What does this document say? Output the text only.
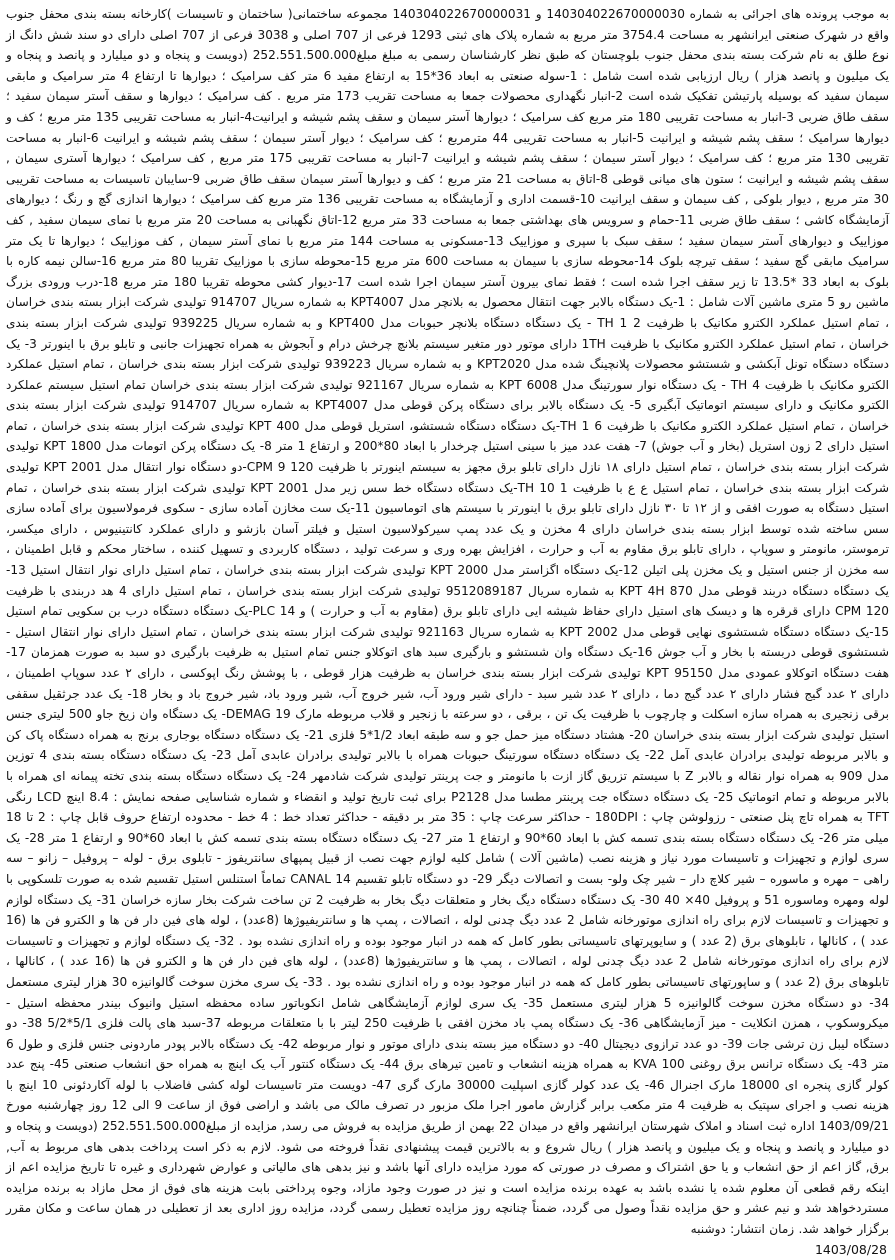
به موجب پرونده های اجرائی به شماره 140304022670000030 و 140304022670000031 مجموعه ساختمانی( ساختمان و تاسیسات )کارخانه بسته بندی محفل جنوب واقع در شهرک صنعتی ایرانشهر به مساحت 3754.4 متر مربع به شماره پلاک های ثبتی 1293 فرعی از 707 اصلی و 3038 فرعی از 707 اصلی دارای دو سند شش دانگ از نوع طلق به نام شرکت بسته بندی محفل جنوب بلوچستان که طبق نظر کارشناسان رسمی به مبلغ مبلغ252.551.500.000 (دویست و پنجاه و دو میلیارد و پانصد و پنجاه و یک میلیون و پانصد هزار ) ریال ارزیابی شده است شامل : 1-سوله صنعتی به ابعاد 36*15 به ارتفاع مفید 6 متر کف سرامیک ؛ دیوارها تا ارتفاع 4 متر سرامیک و مابقی سیمان سفید که بوسیله پارتیشن تفکیک شده است 2-انبار نگهداری محصولات جمعا به مساحت تقریب 173 متر مربع . کف سرامیک ؛ دیوارها و سقف آستر سیمان سفید ؛ سقف طاق ضربی 3-انبار به مساحت تقریبی 180 متر مربع کف سرامیک ؛ دیوارها آستر سیمان و سقف پشم شیشه و ایرانیت4-انبار به مساحت تقریبی 135 متر مربع ؛ کف و دیوارها سرامیک ؛ سقف پشم شیشه و ایرانیت 5-انبار به مساحت تقریبی 44 مترمربع ؛ کف سرامیک ؛ دیوار آستر سیمان ؛ سقف پشم شیشه و ایرانیت 6-انبار به مساحت تقریبی 130 متر مربع ؛ کف سرامیک ؛ دیوار آستر سیمان ؛ سقف پشم شیشه و ایرانیت 7-انبار به مساحت تقریبی 175 متر مربع , کف سرامیک ؛ دیوارها آستری سیمان , سقف پشم شیشه و ایرانیت ؛ ستون های میانی قوطی 8-اتاق به مساحت 21 متر مربع ؛ کف و دیوارها آستر سیمان سقف طاق ضربی 9-سایبان تاسیسات به مساحت تقریبی 30 متر مربع , دیوار بلوکی , کف سیمان و سقف ایرانیت 10-قسمت اداری و آزمایشگاه به مساحت تقریبی 136 متر مربع کف سرامیک ؛ دیوارها اندازی گچ و رنگ ؛ دیوارهای آزمایشگاه کاشی ؛ سقف طاق ضربی 11-حمام و سرویس های بهداشتی جمعا به مساحت 33 متر مربع 12-اتاق نگهبانی به مساحت 20 متر مربع با نمای سیمان سفید , کف موزاییک و دیوارهای آستر سیمان سفید ؛ سقف سبک با سپری و موزاییک 13-مسکونی به مساحت 144 متر مربع با نمای آستر سیمان , کف موزاییک ؛ دیوارها تا یک متر سرامیک مابقی گچ سفید ؛ سقف تیرچه بلوک 14-محوطه سازی با سیمان به مساحت 600 متر مربع 15-محوطه سازی با موزاییک تقریبا 80 متر مربع 16-سالن نیمه کاره با بلوک به ابعاد 33 *13.5 تا زیر سقف اجرا شده است ؛ فقط نمای بیرون آستر سیمان اجرا شده است 17-دیوار کشی محوطه تقریبا 180 متر مربع 18-درب ورودی بزرگ ماشین رو 5 متری ماشین آلات شامل : 1-یک دستگاه بالابر جهت انتقال محصول به بلانچر مدل KPT4007 به شماره سریال 914707 تولیدی شرکت ابزار بسته بندی خراسان ، تمام استیل عملکرد الکترو مکانیک با ظرفیت 2 1 TH - یک دستگاه دستگاه بلانچر حبوبات مدل KPT400 و به شماره سریال 939225 تولیدی شرکت ابزار بسته بندی خراسان ، تمام استیل عملکرد الکترو مکانیک با ظرفیت 1TH دارای موتور دور متغیر سیستم بلانچ چرخش درام و آبجوش به همراه تجهیزات جانبی و تابلو برق با اینورتر 3- یک دستگاه دستگاه تونل آبکشی و شستشو محصولات پلانچینگ شده مدل KPT2020 و به شماره سریال 939223 تولیدی شرکت ابزار بسته بندی خراسان ، تمام استیل عملکرد الکترو مکانیک با ظرفیت 4 TH - یک دستگاه نوار سورتینگ مدل KPT 6008 به شماره سریال 921167 تولیدی شرکت ابزار بسته بندی خراسان تمام استیل سیستم عملکرد الکترو مکانیک و دارای سیستم اتوماتیک آبگیری 5- یک دستگاه بالابر برای دستگاه پرکن قوطی مدل KPT4007 به شماره سریال 914707 تولیدی شرکت ابزار بسته بندی خراسان ، تمام استیل عملکرد الکترو مکانیک با ظرفیت 6 1 TH-یک دستگاه دستگاه شستشو، استریل قوطی مدل KPT 400 تولیدی شرکت ابزار بسته بندی خراسان ، تمام استیل دارای 2 زون استریل (بخار و آب جوش) 7- هفت عدد میز با سینی استیل چرخدار با ابعاد 80*200 و ارتفاع 1 متر 8- یک دستگاه پرکن اتومات مدل KPT 1800 تولیدی شرکت ابزار بسته بندی خراسان ، تمام استیل دارای ۱۸ نازل دارای تابلو برق مجهز به سیستم اینورتر با ظرفیت CPM 9 120-دو دستگاه نوار انتقال مدل KPT 2001 تولیدی شرکت ابزار بسته بندی خراسان ، تمام استیل ع ع با ظرفیت TH 10 1-یک دستگاه دستگاه خط سس زیر مدل KPT 2001 تولیدی شرکت ابزار بسته بندی خراسان ، تمام استیل دستگاه به صورت افقی و از ۱۲ تا ۳۰ نازل دارای تابلو برق با اینورتر با سیستم های اتوماسیون 11-یک ست مخازن آماده سازی - سکوی فرمولاسیون برای آماده سازی سس ساخته شده توسط ابزار بسته بندی خراسان دارای 4 مخزن و یک عدد پمپ سیرکولاسیون استیل و فیلتر آسان بازشو و دارای عملکرد کانتینیوس ، دارای میکسر، ترموستر، مانومتر و سوپاپ ، دارای تابلو برق مقاوم به آب و حرارت ، افزایش بهره وری و سرعت تولید ، دستگاه کاربردی و تسهیل کننده ، ساختار محکم و قابل اطمینان ، سه مخزن از جنس استیل و یک مخزن پلی اتیلن 12-یک دستگاه اگزاستر مدل KPT 2000 تولیدی شرکت ابزار بسته بندی خراسان ، تمام استیل دارای نوار انتقال استیل 13-یک دستگاه دستگاه دربند قوطی مدل KPT 4H 870 به شماره سریال 9512089187 تولیدی شرکت ابزار بسته بندی خراسان ، تمام استیل دارای 4 هد دربندی با ظرفیت CPM 120 دارای قرقره ها و دیسک های استیل دارای حفاظ شیشه ایی دارای تابلو برق (مقاوم به آب و حرارت ) و PLC 14-یک دستگاه دستگاه درب بن سکویی تمام استیل 15-یک دستگاه دستگاه شستشوی نهایی قوطی مدل KPT 2002 به شماره سریال 921163 تولیدی شرکت ابزار بسته بندی خراسان ، تمام استیل دارای نوار انتقال استیل - شستشوی قوطی دربسته با بخار و آب جوش 16-یک دستگاه وان شستشو و بارگیری سبد های اتوکلاو جنس تمام استیل به ظرفیت بارگیری دو سبد به صورت همزمان 17- هفت دستگاه اتوکلاو عمودی مدل KPT 95150 تولیدی شرکت ابزار بسته بندی خراسان به ظرفیت هزار قوطی ، با پوشش رنگ اپوکسی ، دارای ۲ عدد سوپاپ اطمینان ، دارای ۲ عدد گیج فشار دارای ۲ عدد گیج دما ، دارای ۲ عدد شیر سبد - دارای شیر ورود آب، شیر خروج آب، شیر ورود باد، شیر خروج باد و بخار 18- یک عدد جرثقیل سقفی برقی زنجیری به همراه سازه اسکلت و چارچوب با ظرفیت یک تن ، برقی ، دو سرعته با زنجیر و قلاب مربوطه مارک DEMAG 19- یک دستگاه وان زیخ جاو 500 لیتری جنس استیل تولیدی شرکت ابزار بسته بندی خراسان 20- هشتاد دستگاه میز حمل جو و سه طبقه ابعاد 1/2*5 فلزی 21- یک دستگاه دستگاه بوجاری برنج به همراه دستگاه پاک کن و بالابر مربوطه تولیدی برادران عابدی آمل 22- یک دستگاه دستگاه سورتینگ حبوبات همراه با بالابر تولیدی برادران عابدی آمل 23- یک دستگاه دستگاه بسته بندی 4 توزین مدل 909 به همراه نوار نقاله و بالابر Z با سیستم تزریق گاز ازت با مانومتر و جت پرینتر تولیدی شرکت شادمهر 24- یک دستگاه دستگاه بسته بندی تخته پیمانه ای همراه با بالابر مربوطه و تمام اتوماتیک 25- یک دستگاه دستگاه جت پرینتر مطسا مدل P2128 برای ثبت تاریخ تولید و انقضاء و شماره شناسایی صفحه نمایش : 8.4 اینچ LCD رنگی TFT به همراه تاچ پنل صنعتی - رزولوشن چاپ : 180DPI - حداکثر سرعت چاپ : 35 متر بر دقیقه - حداکثر تعداد خط : 4 خط - محدوده ارتفاع حروف قابل چاپ : 2 تا 18 میلی متر 26- یک دستگاه دستگاه بسته بندی تسمه کش با ابعاد 60*90 و ارتفاع 1 متر 27- یک دستگاه دستگاه بسته بندی تسمه کش با ابعاد 60*90 و ارتفاع 1 متر 28- یک سری لوازم و تجهیزات و تاسیسات مورد نیاز و هزینه نصب (ماشین آلات ) شامل کلیه لوازم جهت نصب از قبیل پمپهای سانتریفوز - تابلوی برق - لوله – پروفیل – زانو – سه راهی – مهره و ماسوره – شیر کلاچ دار – شیر چک ولو- بست و اتصالات دیگر 29- دو دستگاه تابلو تقسیم CANAL 14 تماماً استنلس استیل تقسیم شده به صورت تلسکوپی با لوله ومهره وماسوره 51 و پروفیل 40× 40 30- یک دستگاه دستگاه دیگ بخار و متعلقات دیگ بخار به ظرفیت 2 تن ساخت شرکت بخار سازه خراسان 31- یک دستگاه لوازم و تجهیزات و تاسیسات لازم برای راه اندازی موتورخانه شامل 2 عدد دیگ چدنی لوله ، اتصالات ، پمپ ها و سانتریفیوژها (8عدد) ، لوله های فین دار فن ها و الکترو فن ها (16 عدد ) ، کانالها ، تابلوهای برق (2 عدد ) و سایوپرتهای تاسیساتی بطور کامل که همه در انبار موجود بوده و راه اندازی نشده بود . 32- یک دستگاه لوازم و تجهیزات و تاسیسات لازم برای راه اندازی موتورخانه شامل 2 عدد دیگ چدنی لوله ، اتصالات ، پمپ ها و سانتریفیوژها (8عدد) ، لوله های فین دار فن ها و الکترو فن ها (16 عدد ) ، کانالها ، تابلوهای برق (2 عدد ) و ساپورتهای تاسیساتی بطور کامل که همه در انبار موجود بوده و راه اندازی نشده بود . 33- یک سری مخزن سوخت گالوانیزه 30 هزار لیتری مستعمل 34- دو دستگاه مخزن سوخت گالوانیزه 5 هزار لیتری مستعمل 35- یک سری لوازم آزمایشگاهی شامل انکوباتور ساده محفظه استیل وانیوک بیندر محفظه استیل - میکروسکوپ ، همزن انکلایت - میز آزمایشگاهی 36- یک دستگاه پمپ باد مخزن افقی با ظرفیت 250 لیتر با با متعلقات مربوطه 37-سبد های پالت فلزی 5/1*5/2 38- دو دستگاه لیبل زن ترشی جات 39- دو عدد ترازوی دیجیتال 40- دو دستگاه میز بسته بندی دارای موتور و نوار مربوطه 42- یک دستگاه بالابر پودر ماردونی جنس فلزی و طول 6 متر 43- یک دستگاه ترانس برق روغنی KVA 100 به همراه هزینه انشعاب و تامین تیرهای برق 44- یک دستگاه کنتور آب یک اینچ به همراه حق انشعاب صنعتی 45- پنج عدد کولر گازی پنجره ای 18000 مارک اجنرال 46- یک عدد کولر گازی اسپلیت 30000 مارک گری 47- دویست متر تاسیسات لوله کشی فاضلاب با لوله آکاردئونی 10 اینچ با هزینه نصب و اجرای سپتیک به ظرفیت 4 متر مکعب برابر گزارش مامور اجرا ملک مزبور در تصرف مالک می باشد و اراضی فوق از ساعت 9 الی 12 روز چهارشنبه مورخ 1403/09/21 اداره ثبت اسناد و املاک شهرستان ایرانشهر واقع در میدان 22 بهمن از طریق مزایده به فروش می رسد, مزایده از مبلغ252.551.500.000 (دویست و پنجاه و دو میلیارد و پانصد و پنجاه و یک میلیون و پانصد هزار ) ریال شروع و به بالاترین قیمت پیشنهادی نقداً فروخته می شود. لازم به ذکر است پرداخت بدهی های مربوط به آب, برق, گاز اعم از حق انشعاب و یا حق اشتراک و مصرف در صورتی که مورد مزایده دارای آنها باشد و نیز بدهی های مالیاتی و عوارض شهرداری و غیره تا تاریخ مزایده اعم از اینکه رقم قطعی آن معلوم شده یا نشده باشد به عهده برنده مزایده است و نیز در صورت وجود مازاد، وجوه پرداختی بابت هزینه های فوق از محل مازاد به برنده مزایده مستردخواهد شد و نیم عشر و حق مزایده نقداً وصول می گردد، ضمناً چنانچه روز مزایده تعطیل رسمی گردد، مزایده روز اداری بعد از تعطیلی در همان ساعت و مکان مقرر برگزار خواهد شد. زمان انتشار: دوشنبه

1403/08/28
